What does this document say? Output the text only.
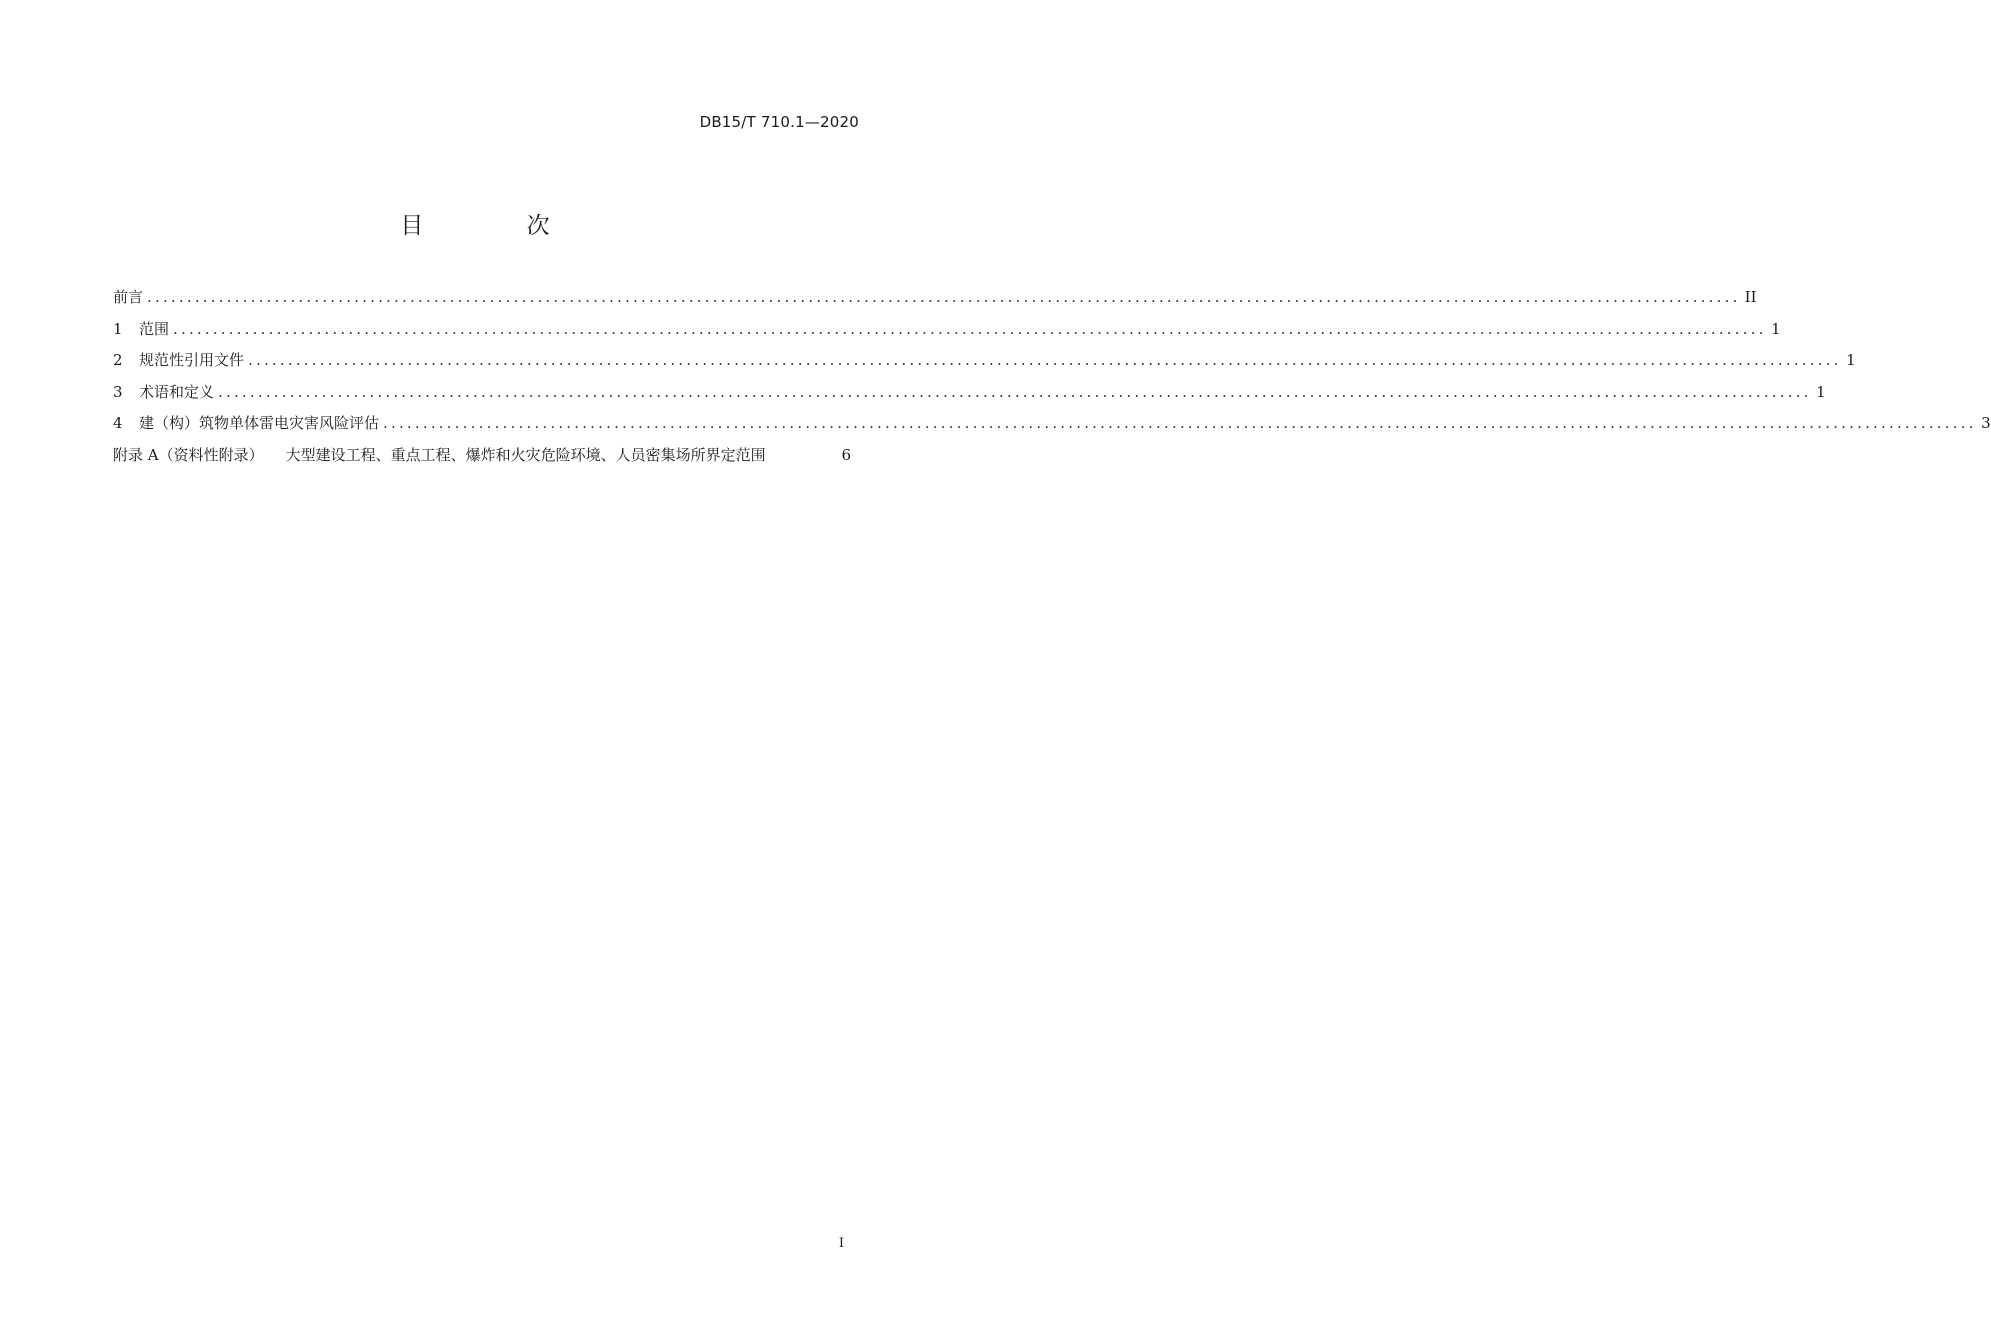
DB15/T 710.1—2020
目 次
前言 ........................................................................................................................................................................................................ II
1 范围 ........................................................................................................................................................................................................ 1
2 规范性引用文件 ........................................................................................................................................................................................................ 1
3 术语和定义 ........................................................................................................................................................................................................ 1
4 建（构）筑物单体雷电灾害风险评估 ........................................................................................................................................................................................................ 3
附录 A（资料性附录） 大型建设工程、重点工程、爆炸和火灾危险环境、人员密集场所界定范围	6
I
